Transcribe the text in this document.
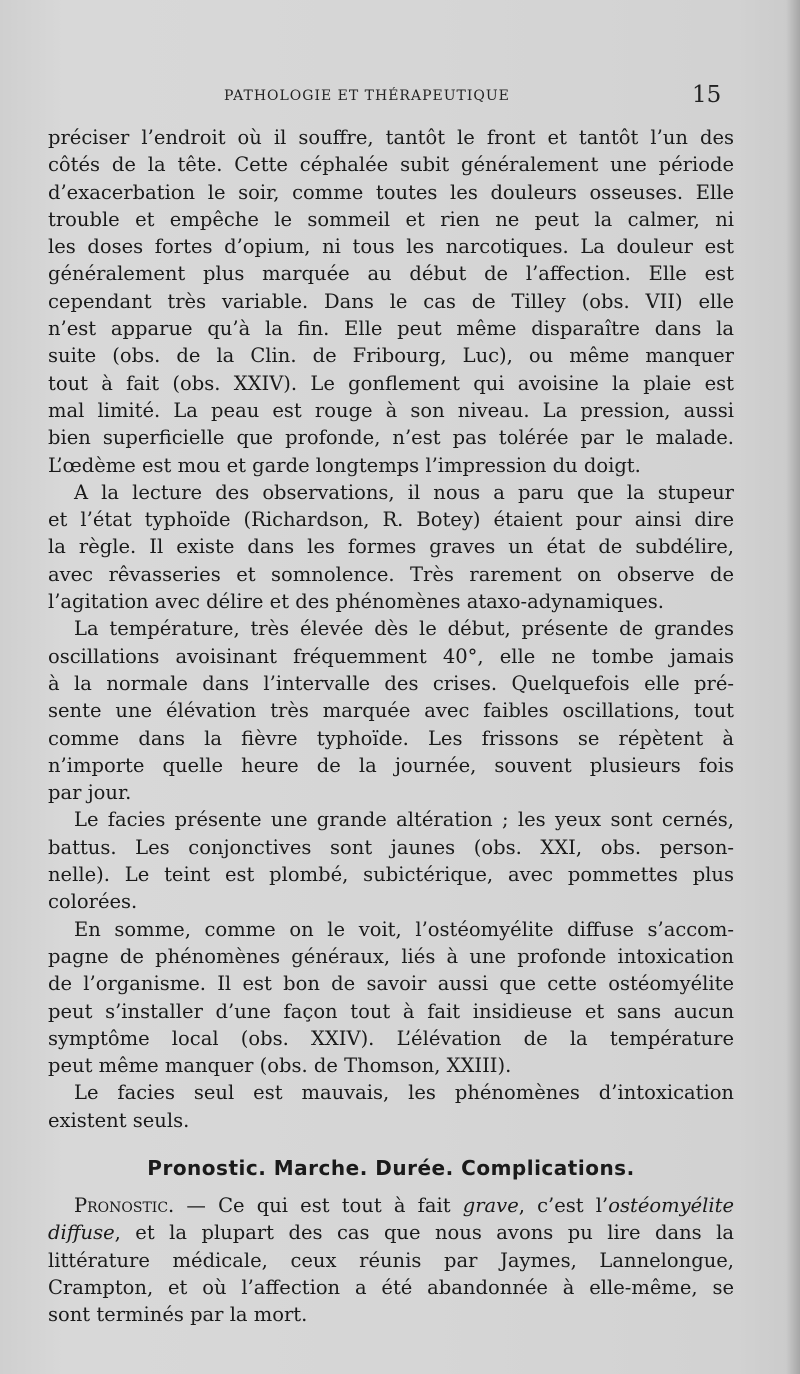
PATHOLOGIE ET THÉRAPEUTIQUE	15
préciser l’endroit où il souffre, tantôt le front et tantôt l’un des
côtés de la tête. Cette céphalée subit généralement une période
d’exacerbation le soir, comme toutes les douleurs osseuses. Elle
trouble et empêche le sommeil et rien ne peut la calmer, ni
les doses fortes d’opium, ni tous les narcotiques. La douleur est
généralement plus marquée au début de l’affection. Elle est
cependant très variable. Dans le cas de Tilley (obs. VII) elle
n’est apparue qu’à la fin. Elle peut même disparaître dans la
suite (obs. de la Clin. de Fribourg, Luc), ou même manquer
tout à fait (obs. XXIV). Le gonflement qui avoisine la plaie est
mal limité. La peau est rouge à son niveau. La pression, aussi
bien superficielle que profonde, n’est pas tolérée par le malade.
L’œdème est mou et garde longtemps l’impression du doigt.
A la lecture des observations, il nous a paru que la stupeur
et l’état typhoïde (Richardson, R. Botey) étaient pour ainsi dire
la règle. Il existe dans les formes graves un état de subdélire,
avec rêvasseries et somnolence. Très rarement on observe de
l’agitation avec délire et des phénomènes ataxo-adynamiques.
La température, très élevée dès le début, présente de grandes
oscillations avoisinant fréquemment 40°, elle ne tombe jamais
à la normale dans l’intervalle des crises. Quelquefois elle pré-
sente une élévation très marquée avec faibles oscillations, tout
comme dans la fièvre typhoïde. Les frissons se répètent à
n’importe quelle heure de la journée, souvent plusieurs fois
par jour.
Le facies présente une grande altération ; les yeux sont cernés,
battus. Les conjonctives sont jaunes (obs. XXI, obs. person-
nelle). Le teint est plombé, subictérique, avec pommettes plus
colorées.
En somme, comme on le voit, l’ostéomyélite diffuse s’accom-
pagne de phénomènes généraux, liés à une profonde intoxication
de l’organisme. Il est bon de savoir aussi que cette ostéomyélite
peut s’installer d’une façon tout à fait insidieuse et sans aucun
symptôme local (obs. XXIV). L’élévation de la température
peut même manquer (obs. de Thomson, XXIII).
Le facies seul est mauvais, les phénomènes d’intoxication
existent seuls.
Pronostic. Marche. Durée. Complications.
Pronostic. — Ce qui est tout à fait grave, c’est l’ostéomyélite
diffuse, et la plupart des cas que nous avons pu lire dans la
littérature médicale, ceux réunis par Jaymes, Lannelongue,
Crampton, et où l’affection a été abandonnée à elle-même, se
sont terminés par la mort.
